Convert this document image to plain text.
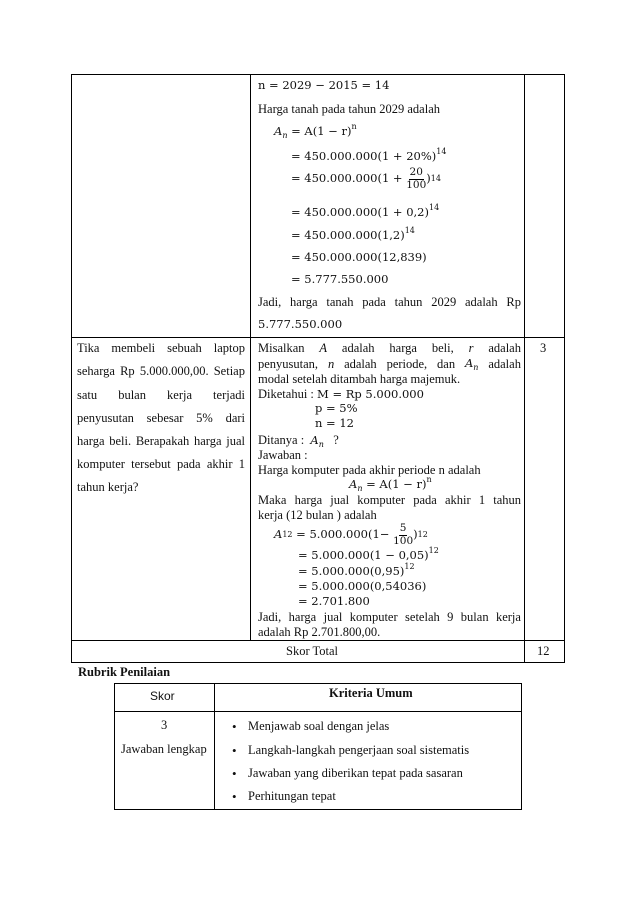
n = 2029 − 2015 = 14
Harga tanah pada tahun 2029 adalah
$A_n = A(1 - r)^n$
= $450.000.000(1 + 20\%)^{14}$
= 450.000.000(1 +
$\frac{20}{100}$ ) 14
= $450.000.000(1 + 0,2)^{14}$
= $450.000.000(1,2)^{14}$
= 450.000.000(12,839)
= 5.777.550.000
Jadi, harga tanah pada tahun 2029 adalah Rp
5.777.550.000
Tika membeli sebuah laptop
seharga Rp 5.000.000,00. Setiap
satu bulan kerja terjadi
penyusutan sebesar 5% dari
harga beli. Berapakah harga jual
komputer tersebut pada akhir 1
tahun kerja?
Misalkan A adalah harga beli, r adalah
penyusutan, n adalah periode, dan $A_n$ adalah
modal setelah ditambah harga majemuk.
Diketahui : M = Rp 5.000.000
p = 5%
n = 12
Ditanya : $A_n$ ?
Jawaban :
Harga komputer pada akhir periode n adalah
$A_n = A(1 - r)^n$
Maka harga jual komputer pada akhir 1 tahun
kerja (12 bulan ) adalah
A 12
= 5.000.000(1−
$\frac{5}{100}$ ) 12
= $5.000.000(1 - 0,05)^{12}$
= $5.000.000(0,95)^{12}$
= 5.000.000(0,54036)
= 2.701.800
Jadi, harga jual komputer setelah 9 bulan kerja
adalah Rp 2.701.800,00.
3
Skor Total	12
Rubrik Penilaian
Skor	Kriteria Umum
3
Jawaban lengkap
• Menjawab soal dengan jelas
• Langkah-langkah pengerjaan soal sistematis
• Jawaban yang diberikan tepat pada sasaran
• Perhitungan tepat
